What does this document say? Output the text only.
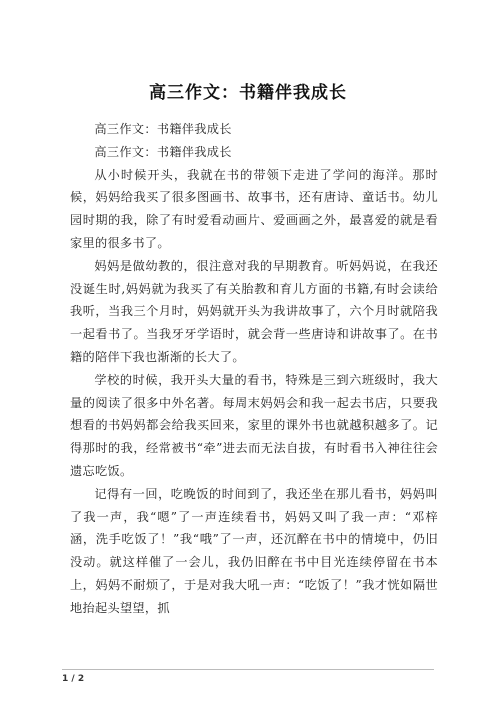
高三作文：书籍伴我成长

高三作文：书籍伴我成长

高三作文：书籍伴我成长

从小时候开头，我就在书的带领下走进了学问的海洋。那时候，妈妈给我买了很多图画书、故事书，还有唐诗、童话书。幼儿园时期的我，除了有时爱看动画片、爱画画之外，最喜爱的就是看家里的很多书了。

妈妈是做幼教的，很注意对我的早期教育。听妈妈说，在我还没诞生时,妈妈就为我买了有关胎教和育儿方面的书籍,有时会读给我听，当我三个月时，妈妈就开头为我讲故事了，六个月时就陪我一起看书了。当我牙牙学语时，就会背一些唐诗和讲故事了。在书籍的陪伴下我也渐渐的长大了。

学校的时候，我开头大量的看书，特殊是三到六班级时，我大量的阅读了很多中外名著。每周末妈妈会和我一起去书店，只要我想看的书妈妈都会给我买回来，家里的课外书也就越积越多了。记得那时的我，经常被书“牵”进去而无法自拔，有时看书入神往往会遗忘吃饭。

记得有一回，吃晚饭的时间到了，我还坐在那儿看书，妈妈叫了我一声，我“嗯”了一声连续看书，妈妈又叫了我一声：“邓梓涵，洗手吃饭了！”我“哦”了一声，还沉醉在书中的情境中，仍旧没动。就这样催了一会儿，我仍旧醉在书中目光连续停留在书本上，妈妈不耐烦了，于是对我大吼一声：“吃饭了！”我才恍如隔世地抬起头望望，抓

1 / 2
